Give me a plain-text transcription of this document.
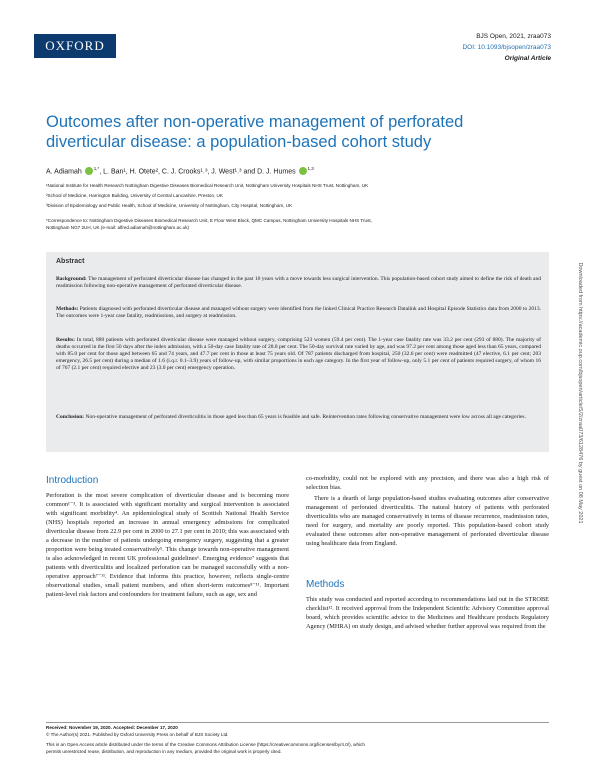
OXFORD
BJS Open, 2021, zraa073
DOI: 10.1093/bjsopen/zraa073
Original Article
Outcomes after non-operative management of perforated
diverticular disease: a population-based cohort study
A. Adiamah	$^{1,*}$, L. Ban¹, H. Otete², C. J. Crooks¹˒³, J. West¹˒³ and D. J. Humes	$^{1,3}$
¹National Institute for Health Research Nottingham Digestive Diseases Biomedical Research Unit, Nottingham University Hospitals NHS Trust, Nottingham, UK
²School of Medicine, Harrington Building, University of Central Lancashire, Preston, UK
³Division of Epidemiology and Public Health, School of Medicine, University of Nottingham, City Hospital, Nottingham, UK
*Correspondence to: Nottingham Digestive Diseases Biomedical Research Unit, E Floor West Block, QMC Campus, Nottingham University Hospitals NHS Trust,
Nottingham NG7 2UH, UK (e-mail: alfred.adiamah@nottingham.ac.uk)
Abstract
Background: The management of perforated diverticular disease has changed in the past 10 years with a move towards less surgical intervention. This population-based cohort study aimed to define the risk of death and readmission following non-operative management of perforated diverticular disease.
Methods: Patients diagnosed with perforated diverticular disease and managed without surgery were identified from the linked Clinical Practice Research Datalink and Hospital Episode Statistics data from 2000 to 2013. The outcomes were 1-year case fatality, readmissions, and surgery at readmission.
Results: In total, 880 patients with perforated diverticular disease were managed without surgery, comprising 523 women (59.4 per cent). The 1-year case fatality rate was 33.2 per cent (293 of 880). The majority of deaths occurred in the first 50 days after the index admission, with a 50-day case fatality rate of 28.8 per cent. The 50-day survival rate varied by age, and was 97.2 per cent among those aged less than 65 years, compared with 85.0 per cent for those aged between 65 and 74 years, and 47.7 per cent in those at least 75 years old. Of 787 patients discharged from hospital, 250 (32.6 per cent) were readmitted (47 elective, 6.1 per cent; 203 emergency, 26.5 per cent) during a median of 1.6 (i.q.r. 0.1–3.9) years of follow-up, with similar proportions in each age category. In the first year of follow-up, only 5.1 per cent of patients required surgery, of whom 16 of 767 (2.1 per cent) required elective and 23 (3.0 per cent) emergency operation.
Conclusion: Non-operative management of perforated diverticulitis in those aged less than 65 years is feasible and safe. Reintervention rates following conservative management were low across all age categories.
Introduction
Perforation is the most severe complication of diverticular disease and is becoming more common¹⁻³. It is associated with significant mortality and surgical intervention is associated with significant morbidity⁴. An epidemiological study of Scottish National Health Service (NHS) hospitals reported an increase in annual emergency admissions for complicated diverticular disease from 22.9 per cent in 2000 to 27.1 per cent in 2010; this was associated with a decrease in the number of patients undergoing emergency surgery, suggesting that a greater proportion were being treated conservatively⁵. This change towards non-operative management is also acknowledged in recent UK professional guidelines⁶. Emerging evidence⁷ suggests that patients with diverticulitis and localized perforation can be managed successfully with a non-operative approach⁷⁻¹¹. Evidence that informs this practice, however, reflects single-centre observational studies, small patient numbers, and often short-term outcomes⁸⁻¹¹. Important patient-level risk factors and confounders for treatment failure, such as age, sex and
co-morbidity, could not be explored with any precision, and there was also a high risk of selection bias.
There is a dearth of large population-based studies evaluating outcomes after conservative management of perforated diverticulitis. The natural history of patients with perforated diverticulitis who are managed conservatively in terms of disease recurrence, readmission rates, need for surgery, and mortality are poorly reported. This population-based cohort study evaluated these outcomes after non-operative management of perforated diverticular disease using healthcare data from England.
Methods
This study was conducted and reported according to recommendations laid out in the STROBE checklist¹². It received approval from the Independent Scientific Advisory Committee approval board, which provides scientific advice to the Medicines and Healthcare products Regulatory Agency (MHRA) on study design, and advised whether further approval was required from the
Downloaded from https://academic.oup.com/bjsopen/article/5/2/zraa073/6128476 by guest on 08 May 2021
Received: November 19, 2020. Accepted: December 17, 2020
© The Author(s) 2021. Published by Oxford University Press on behalf of BJS Society Ltd.
This is an Open Access article distributed under the terms of the Creative Commons Attribution License (https://creativecommons.org/licenses/by/4.0/), which
permits unrestricted reuse, distribution, and reproduction in any medium, provided the original work is properly cited.
